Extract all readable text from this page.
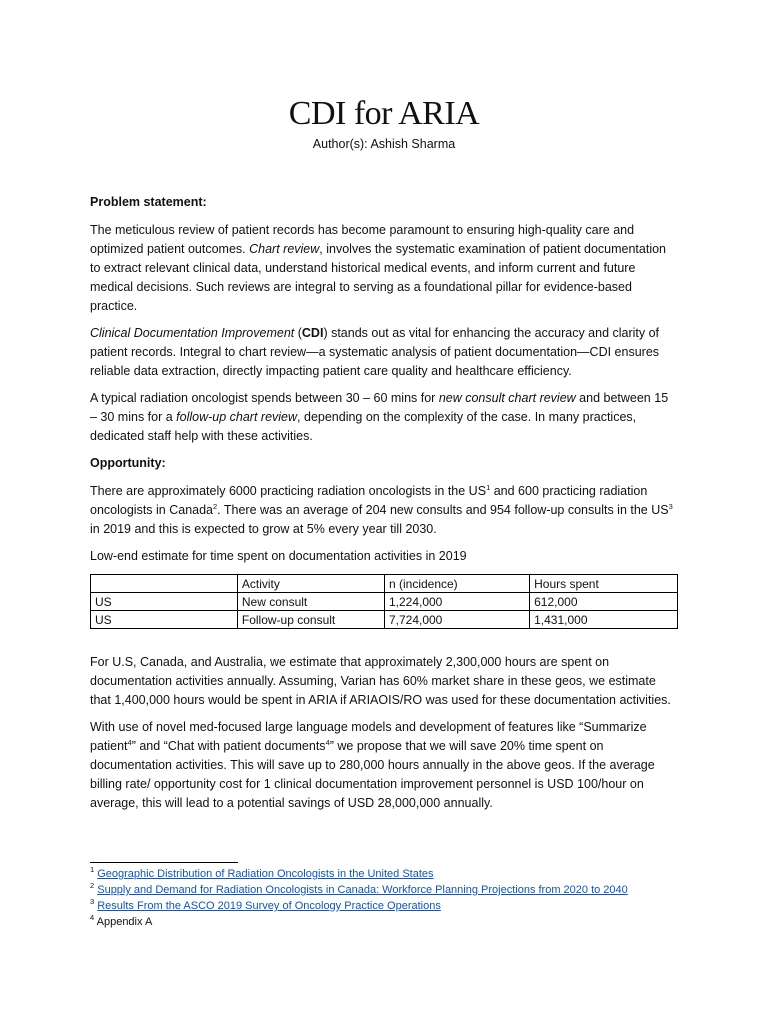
CDI for ARIA
Author(s): Ashish Sharma

Problem statement:

The meticulous review of patient records has become paramount to ensuring high-quality care and optimized patient outcomes. Chart review, involves the systematic examination of patient documentation to extract relevant clinical data, understand historical medical events, and inform current and future medical decisions. Such reviews are integral to serving as a foundational pillar for evidence-based practice.

Clinical Documentation Improvement (CDI) stands out as vital for enhancing the accuracy and clarity of patient records. Integral to chart review—a systematic analysis of patient documentation—CDI ensures reliable data extraction, directly impacting patient care quality and healthcare efficiency.

A typical radiation oncologist spends between 30 – 60 mins for new consult chart review and between 15 – 30 mins for a follow-up chart review, depending on the complexity of the case. In many practices, dedicated staff help with these activities.

Opportunity:

There are approximately 6000 practicing radiation oncologists in the $US^1$ and 600 practicing radiation oncologists in Canada$^2$. There was an average of 204 new consults and 954 follow-up consults in the $US^3$ in 2019 and this is expected to grow at 5% every year till 2030.

Low-end estimate for time spent on documentation activities in 2019

	Activity	n (incidence)	Hours spent
US	New consult	1,224,000	612,000
US	Follow-up consult	7,724,000	1,431,000

For U.S, Canada, and Australia, we estimate that approximately 2,300,000 hours are spent on documentation activities annually. Assuming, Varian has 60% market share in these geos, we estimate that 1,400,000 hours would be spent in ARIA if ARIAOIS/RO was used for these documentation activities.

With use of novel med-focused large language models and development of features like “Summarize patient$^4$” and “Chat with patient documents$^4$” we propose that we will save 20% time spent on documentation activities. This will save up to 280,000 hours annually in the above geos. If the average billing rate/ opportunity cost for 1 clinical documentation improvement personnel is USD 100/hour on average, this will lead to a potential savings of USD 28,000,000 annually.

$^1$ Geographic Distribution of Radiation Oncologists in the United States
$^2$ Supply and Demand for Radiation Oncologists in Canada: Workforce Planning Projections from 2020 to 2040
$^3$ Results From the ASCO 2019 Survey of Oncology Practice Operations
$^4$ Appendix A
